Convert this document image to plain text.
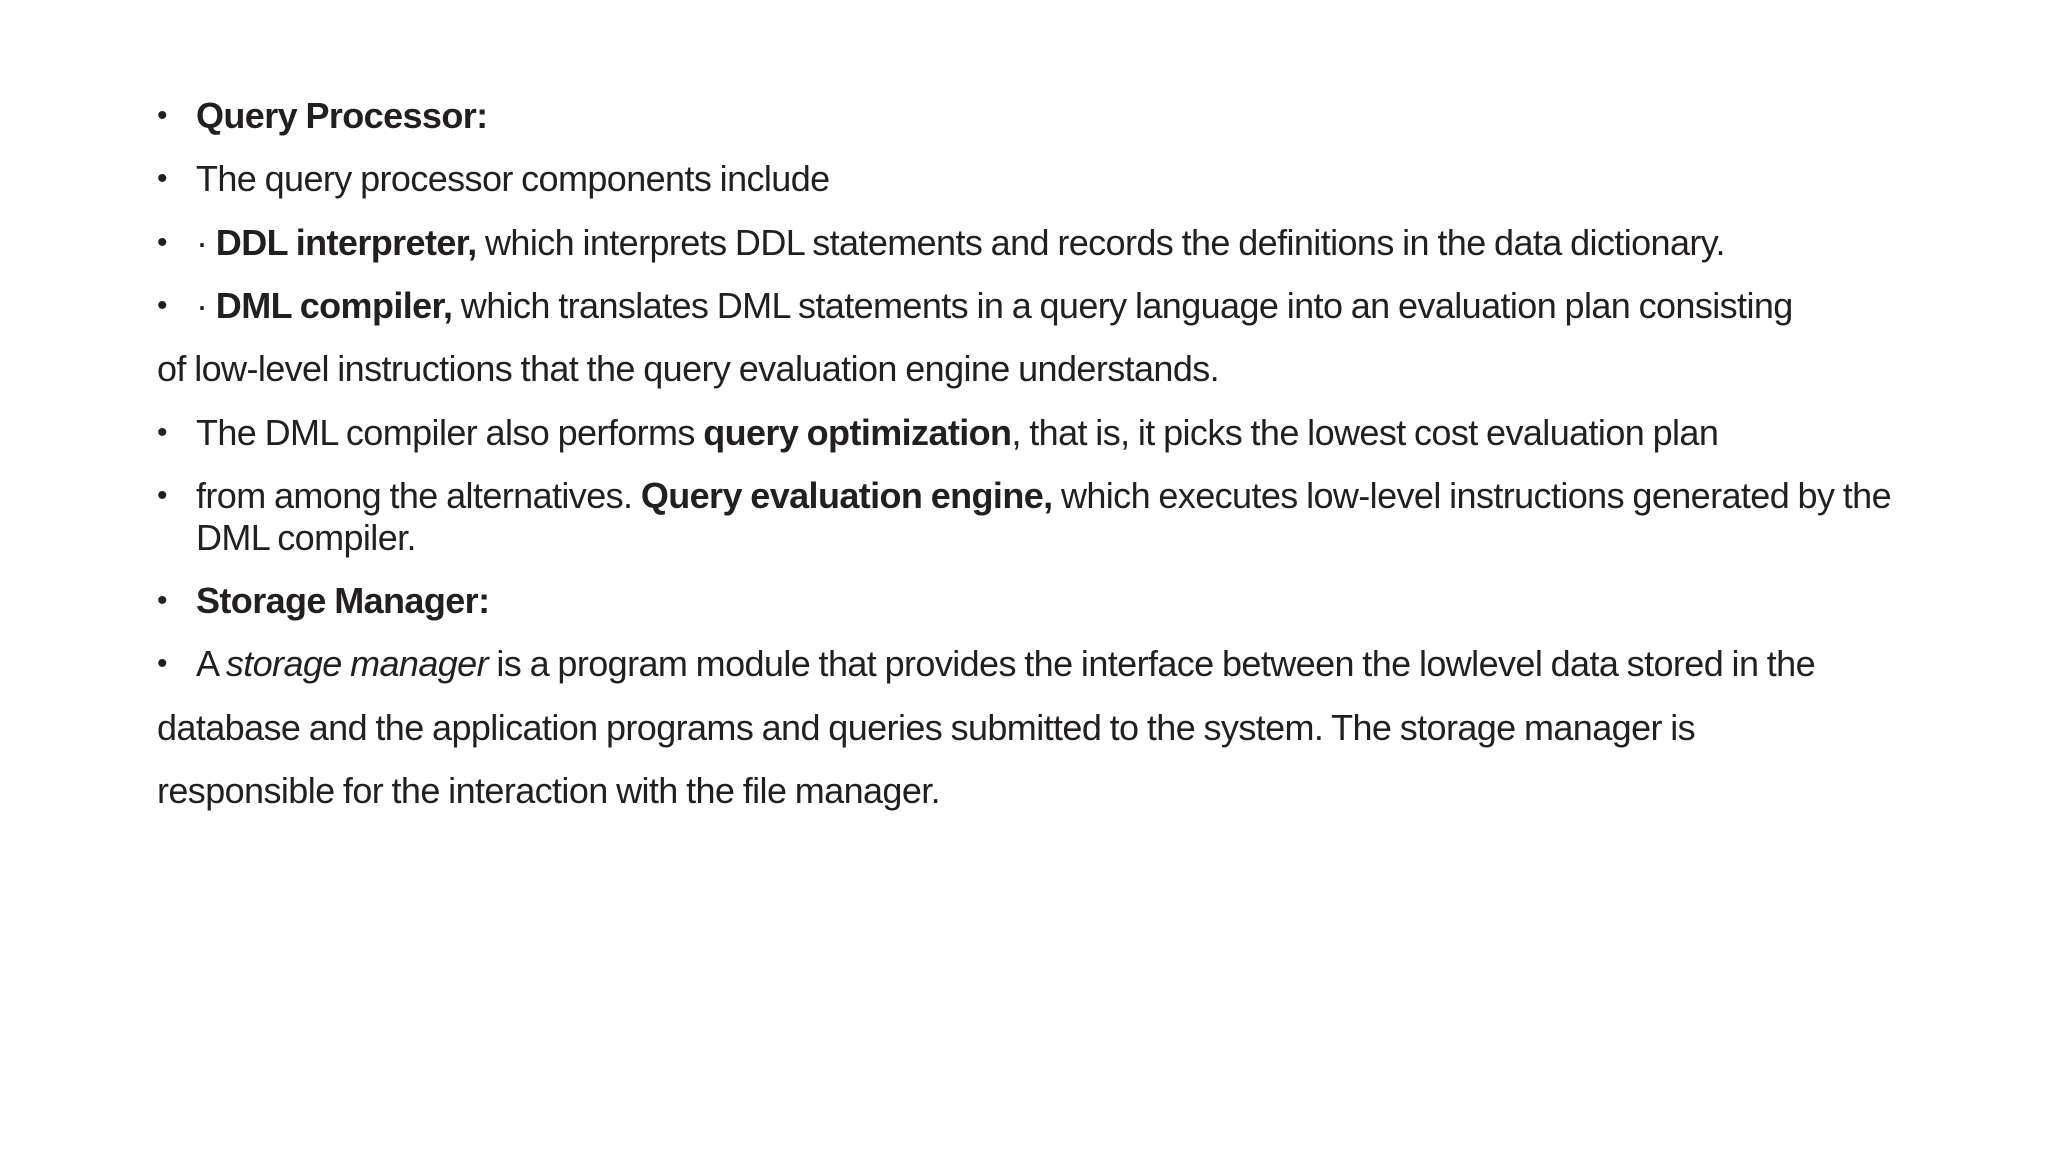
• Query Processor:
• The query processor components include
• · DDL interpreter, which interprets DDL statements and records the definitions in the data dictionary.
• · DML compiler, which translates DML statements in a query language into an evaluation plan consisting
of low-level instructions that the query evaluation engine understands.
• The DML compiler also performs query optimization, that is, it picks the lowest cost evaluation plan
• from among the alternatives. Query evaluation engine, which executes low-level instructions generated by the DML compiler.
• Storage Manager:
• A storage manager is a program module that provides the interface between the lowlevel data stored in the
database and the application programs and queries submitted to the system. The storage manager is
responsible for the interaction with the file manager.
